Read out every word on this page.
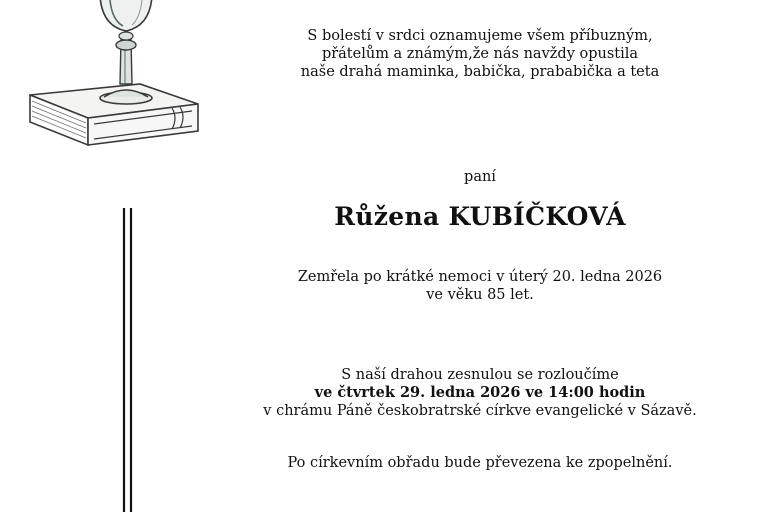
S bolestí v srdci oznamujeme všem příbuzným,
přátelům a známým,že nás navždy opustila
naše drahá maminka, babička, prababička a teta
paní
Růžena KUBÍČKOVÁ
Zemřela po krátké nemoci v úterý 20. ledna 2026
ve věku 85 let.
S naší drahou zesnulou se rozloučíme
ve čtvrtek 29. ledna 2026 ve 14:00 hodin
v chrámu Páně českobratrské církve evangelické v Sázavě.
Po církevním obřadu bude převezena ke zpopelnění.
